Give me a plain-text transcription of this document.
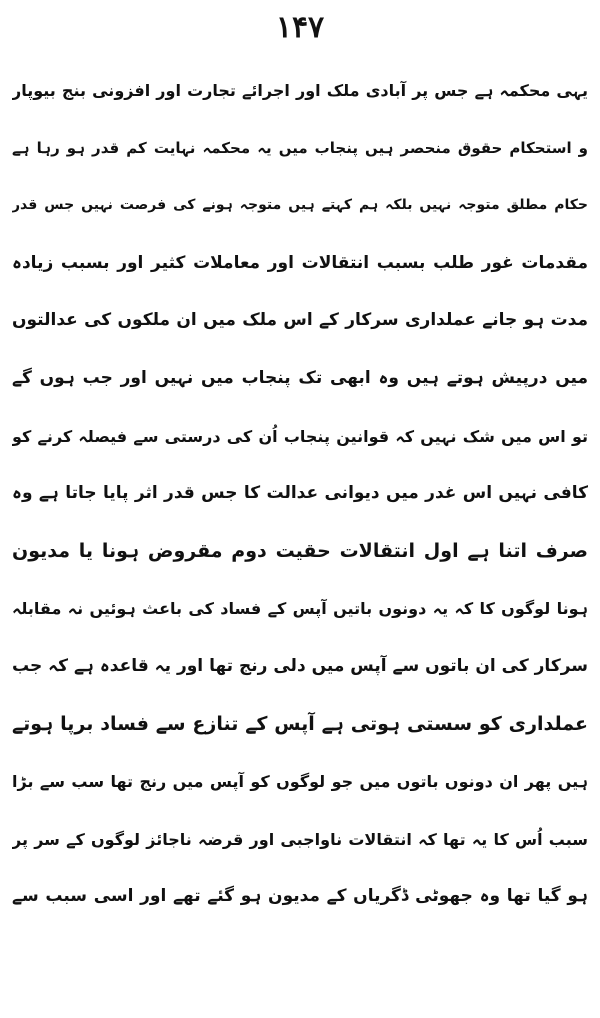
۱۴۷
یہی محکمہ ہے جس پر آبادی ملک اور اجرائے تجارت اور افزونی بنج بیوپار
و استحکام حقوق منحصر ہیں پنجاب میں یہ محکمہ نہایت کم قدر ہو رہا ہے
حکام مطلق متوجہ نہیں بلکہ ہم کہتے ہیں متوجہ ہونے کی فرصت نہیں جس قدر
مقدمات غور طلب بسبب انتقالات اور معاملات کثیر اور بسبب زیادہ
مدت ہو جانے عملداری سرکار کے اس ملک میں ان ملکوں کی عدالتوں
میں درپیش ہوتے ہیں وہ ابھی تک پنجاب میں نہیں اور جب ہوں گے
تو اس میں شک نہیں کہ قوانین پنجاب اُن کی درستی سے فیصلہ کرنے کو
کافی نہیں اس غدر میں دیوانی عدالت کا جس قدر اثر پایا جاتا ہے وہ
صرف اتنا ہے اول انتقالات حقیت دوم مقروض ہونا یا مدیون
ہونا لوگوں کا کہ یہ دونوں باتیں آپس کے فساد کی باعث ہوئیں نہ مقابلہ
سرکار کی ان باتوں سے آپس میں دلی رنج تھا اور یہ قاعدہ ہے کہ جب
عملداری کو سستی ہوتی ہے آپس کے تنازع سے فساد برپا ہوتے
ہیں پھر ان دونوں باتوں میں جو لوگوں کو آپس میں رنج تھا سب سے بڑا
سبب اُس کا یہ تھا کہ انتقالات ناواجبی اور قرضہ ناجائز لوگوں کے سر پر
ہو گیا تھا وہ جھوٹی ڈگریاں کے مدیون ہو گئے تھے اور اسی سبب سے
